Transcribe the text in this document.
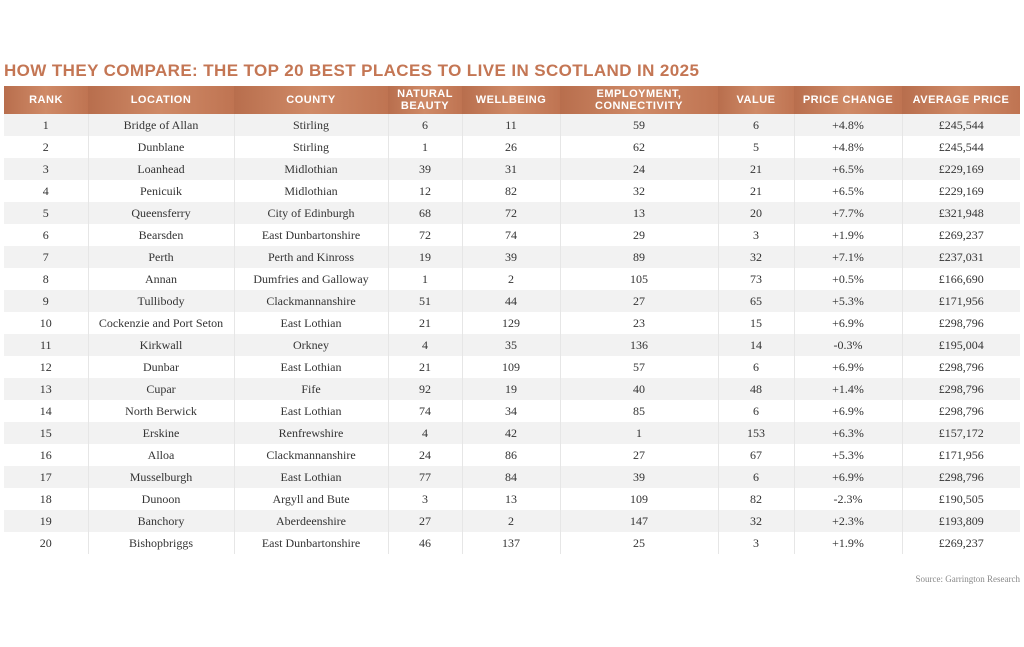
HOW THEY COMPARE: THE TOP 20 BEST PLACES TO LIVE IN SCOTLAND IN 2025
RANK	LOCATION	COUNTY	NATURAL BEAUTY	WELLBEING	EMPLOYMENT, CONNECTIVITY	VALUE	PRICE CHANGE	AVERAGE PRICE
1	Bridge of Allan	Stirling	6	11	59	6	+4.8%	£245,544
2	Dunblane	Stirling	1	26	62	5	+4.8%	£245,544
3	Loanhead	Midlothian	39	31	24	21	+6.5%	£229,169
4	Penicuik	Midlothian	12	82	32	21	+6.5%	£229,169
5	Queensferry	City of Edinburgh	68	72	13	20	+7.7%	£321,948
6	Bearsden	East Dunbartonshire	72	74	29	3	+1.9%	£269,237
7	Perth	Perth and Kinross	19	39	89	32	+7.1%	£237,031
8	Annan	Dumfries and Galloway	1	2	105	73	+0.5%	£166,690
9	Tullibody	Clackmannanshire	51	44	27	65	+5.3%	£171,956
10	Cockenzie and Port Seton	East Lothian	21	129	23	15	+6.9%	£298,796
11	Kirkwall	Orkney	4	35	136	14	-0.3%	£195,004
12	Dunbar	East Lothian	21	109	57	6	+6.9%	£298,796
13	Cupar	Fife	92	19	40	48	+1.4%	£298,796
14	North Berwick	East Lothian	74	34	85	6	+6.9%	£298,796
15	Erskine	Renfrewshire	4	42	1	153	+6.3%	£157,172
16	Alloa	Clackmannanshire	24	86	27	67	+5.3%	£171,956
17	Musselburgh	East Lothian	77	84	39	6	+6.9%	£298,796
18	Dunoon	Argyll and Bute	3	13	109	82	-2.3%	£190,505
19	Banchory	Aberdeenshire	27	2	147	32	+2.3%	£193,809
20	Bishopbriggs	East Dunbartonshire	46	137	25	3	+1.9%	£269,237
Source: Garrington Research
